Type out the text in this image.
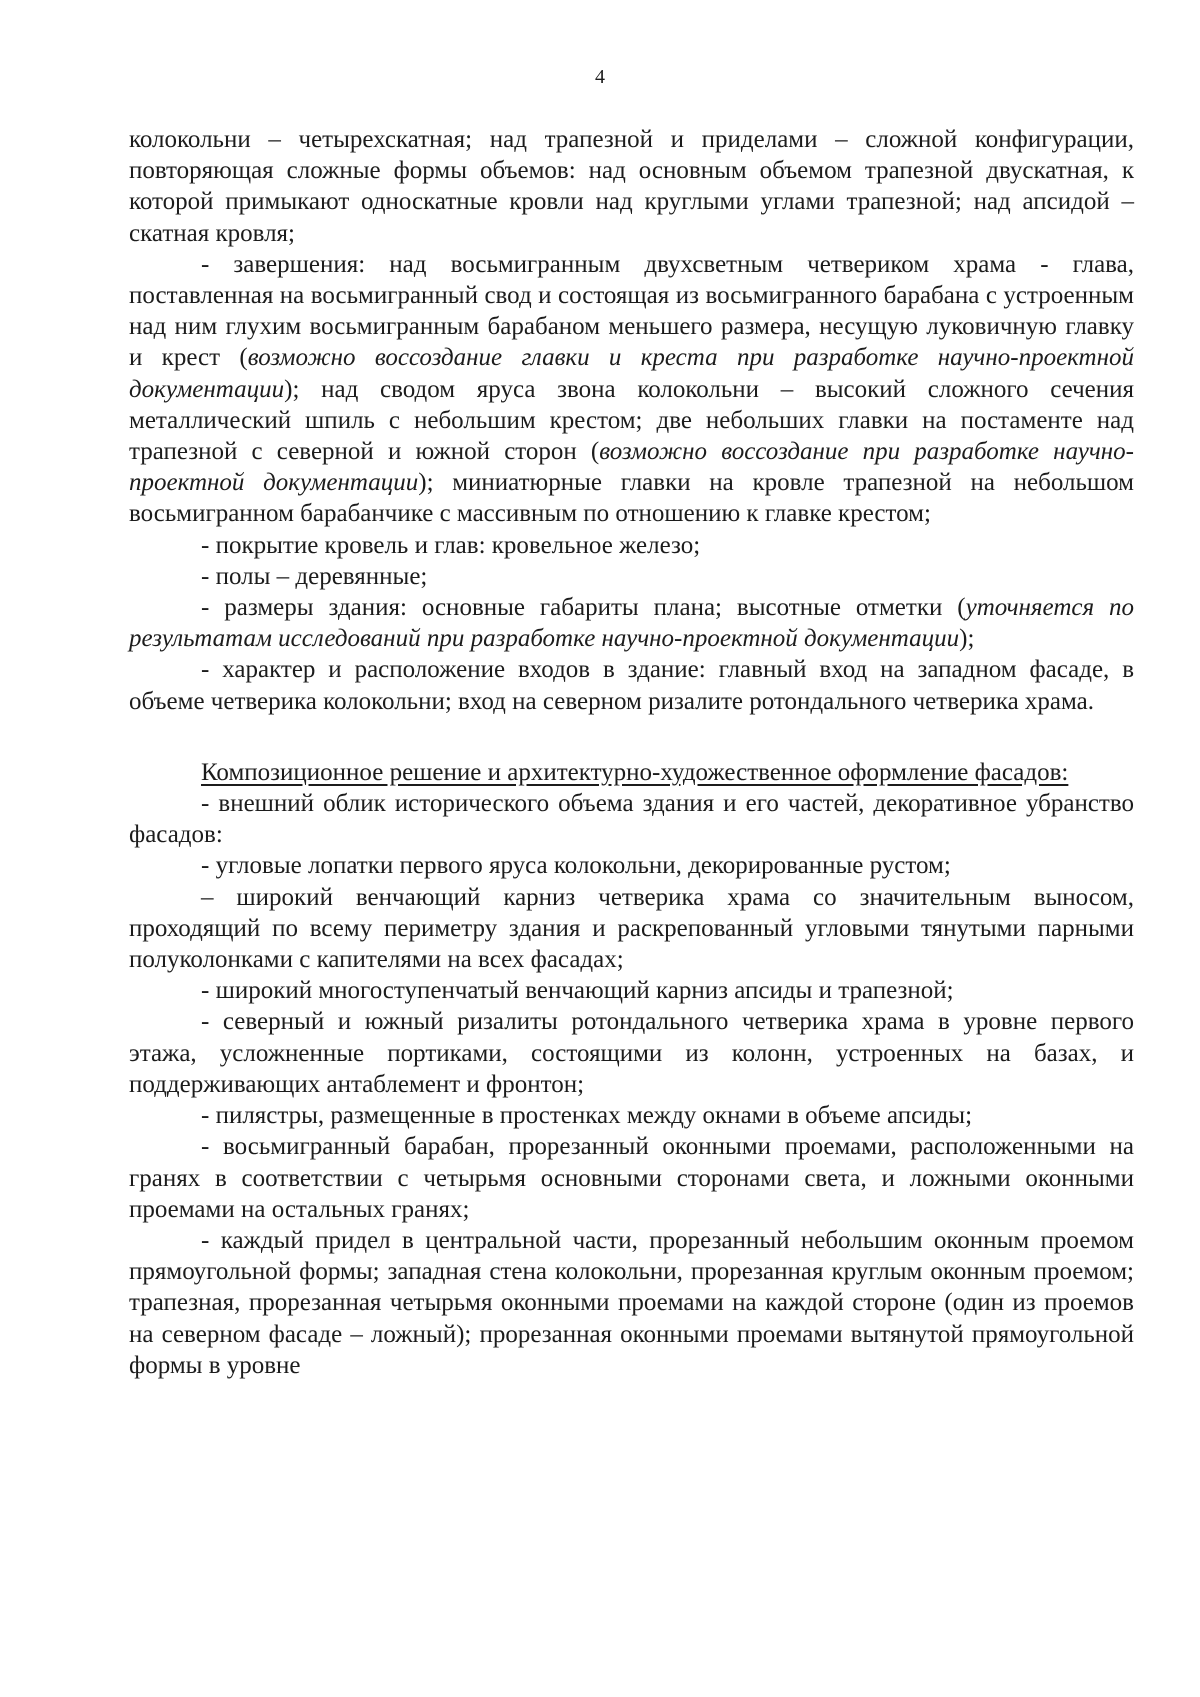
4

колокольни – четырехскатная; над трапезной и приделами – сложной конфигурации, повторяющая сложные формы объемов: над основным объемом трапезной двускатная, к которой примыкают односкатные кровли над круглыми углами трапезной; над апсидой – скатная кровля;

- завершения: над восьмигранным двухсветным четвериком храма - глава, поставленная на восьмигранный свод и состоящая из восьмигранного барабана с устроенным над ним глухим восьмигранным барабаном меньшего размера, несущую луковичную главку и крест (возможно воссоздание главки и креста при разработке научно-проектной документации); над сводом яруса звона колокольни – высокий сложного сечения металлический шпиль с небольшим крестом; две небольших главки на постаменте над трапезной с северной и южной сторон (возможно воссоздание при разработке научно-проектной документации); миниатюрные главки на кровле трапезной на небольшом восьмигранном барабанчике с массивным по отношению к главке крестом;

- покрытие кровель и глав: кровельное железо;

- полы – деревянные;

- размеры здания: основные габариты плана; высотные отметки (уточняется по результатам исследований при разработке научно-проектной документации);

- характер и расположение входов в здание: главный вход на западном фасаде, в объеме четверика колокольни; вход на северном ризалите ротондального четверика храма.

Композиционное решение и архитектурно-художественное оформление фасадов:

- внешний облик исторического объема здания и его частей, декоративное убранство фасадов:

- угловые лопатки первого яруса колокольни, декорированные рустом;

– широкий венчающий карниз четверика храма со значительным выносом, проходящий по всему периметру здания и раскрепованный угловыми тянутыми парными полуколонками с капителями на всех фасадах;

- широкий многоступенчатый венчающий карниз апсиды и трапезной;

- северный и южный ризалиты ротондального четверика храма в уровне первого этажа, усложненные портиками, состоящими из колонн, устроенных на базах, и поддерживающих антаблемент и фронтон;

- пилястры, размещенные в простенках между окнами в объеме апсиды;

- восьмигранный барабан, прорезанный оконными проемами, расположенными на гранях в соответствии с четырьмя основными сторонами света, и ложными оконными проемами на остальных гранях;

- каждый придел в центральной части, прорезанный небольшим оконным проемом прямоугольной формы; западная стена колокольни, прорезанная круглым оконным проемом; трапезная, прорезанная четырьмя оконными проемами на каждой стороне (один из проемов на северном фасаде – ложный); прорезанная оконными проемами вытянутой прямоугольной формы в уровне
